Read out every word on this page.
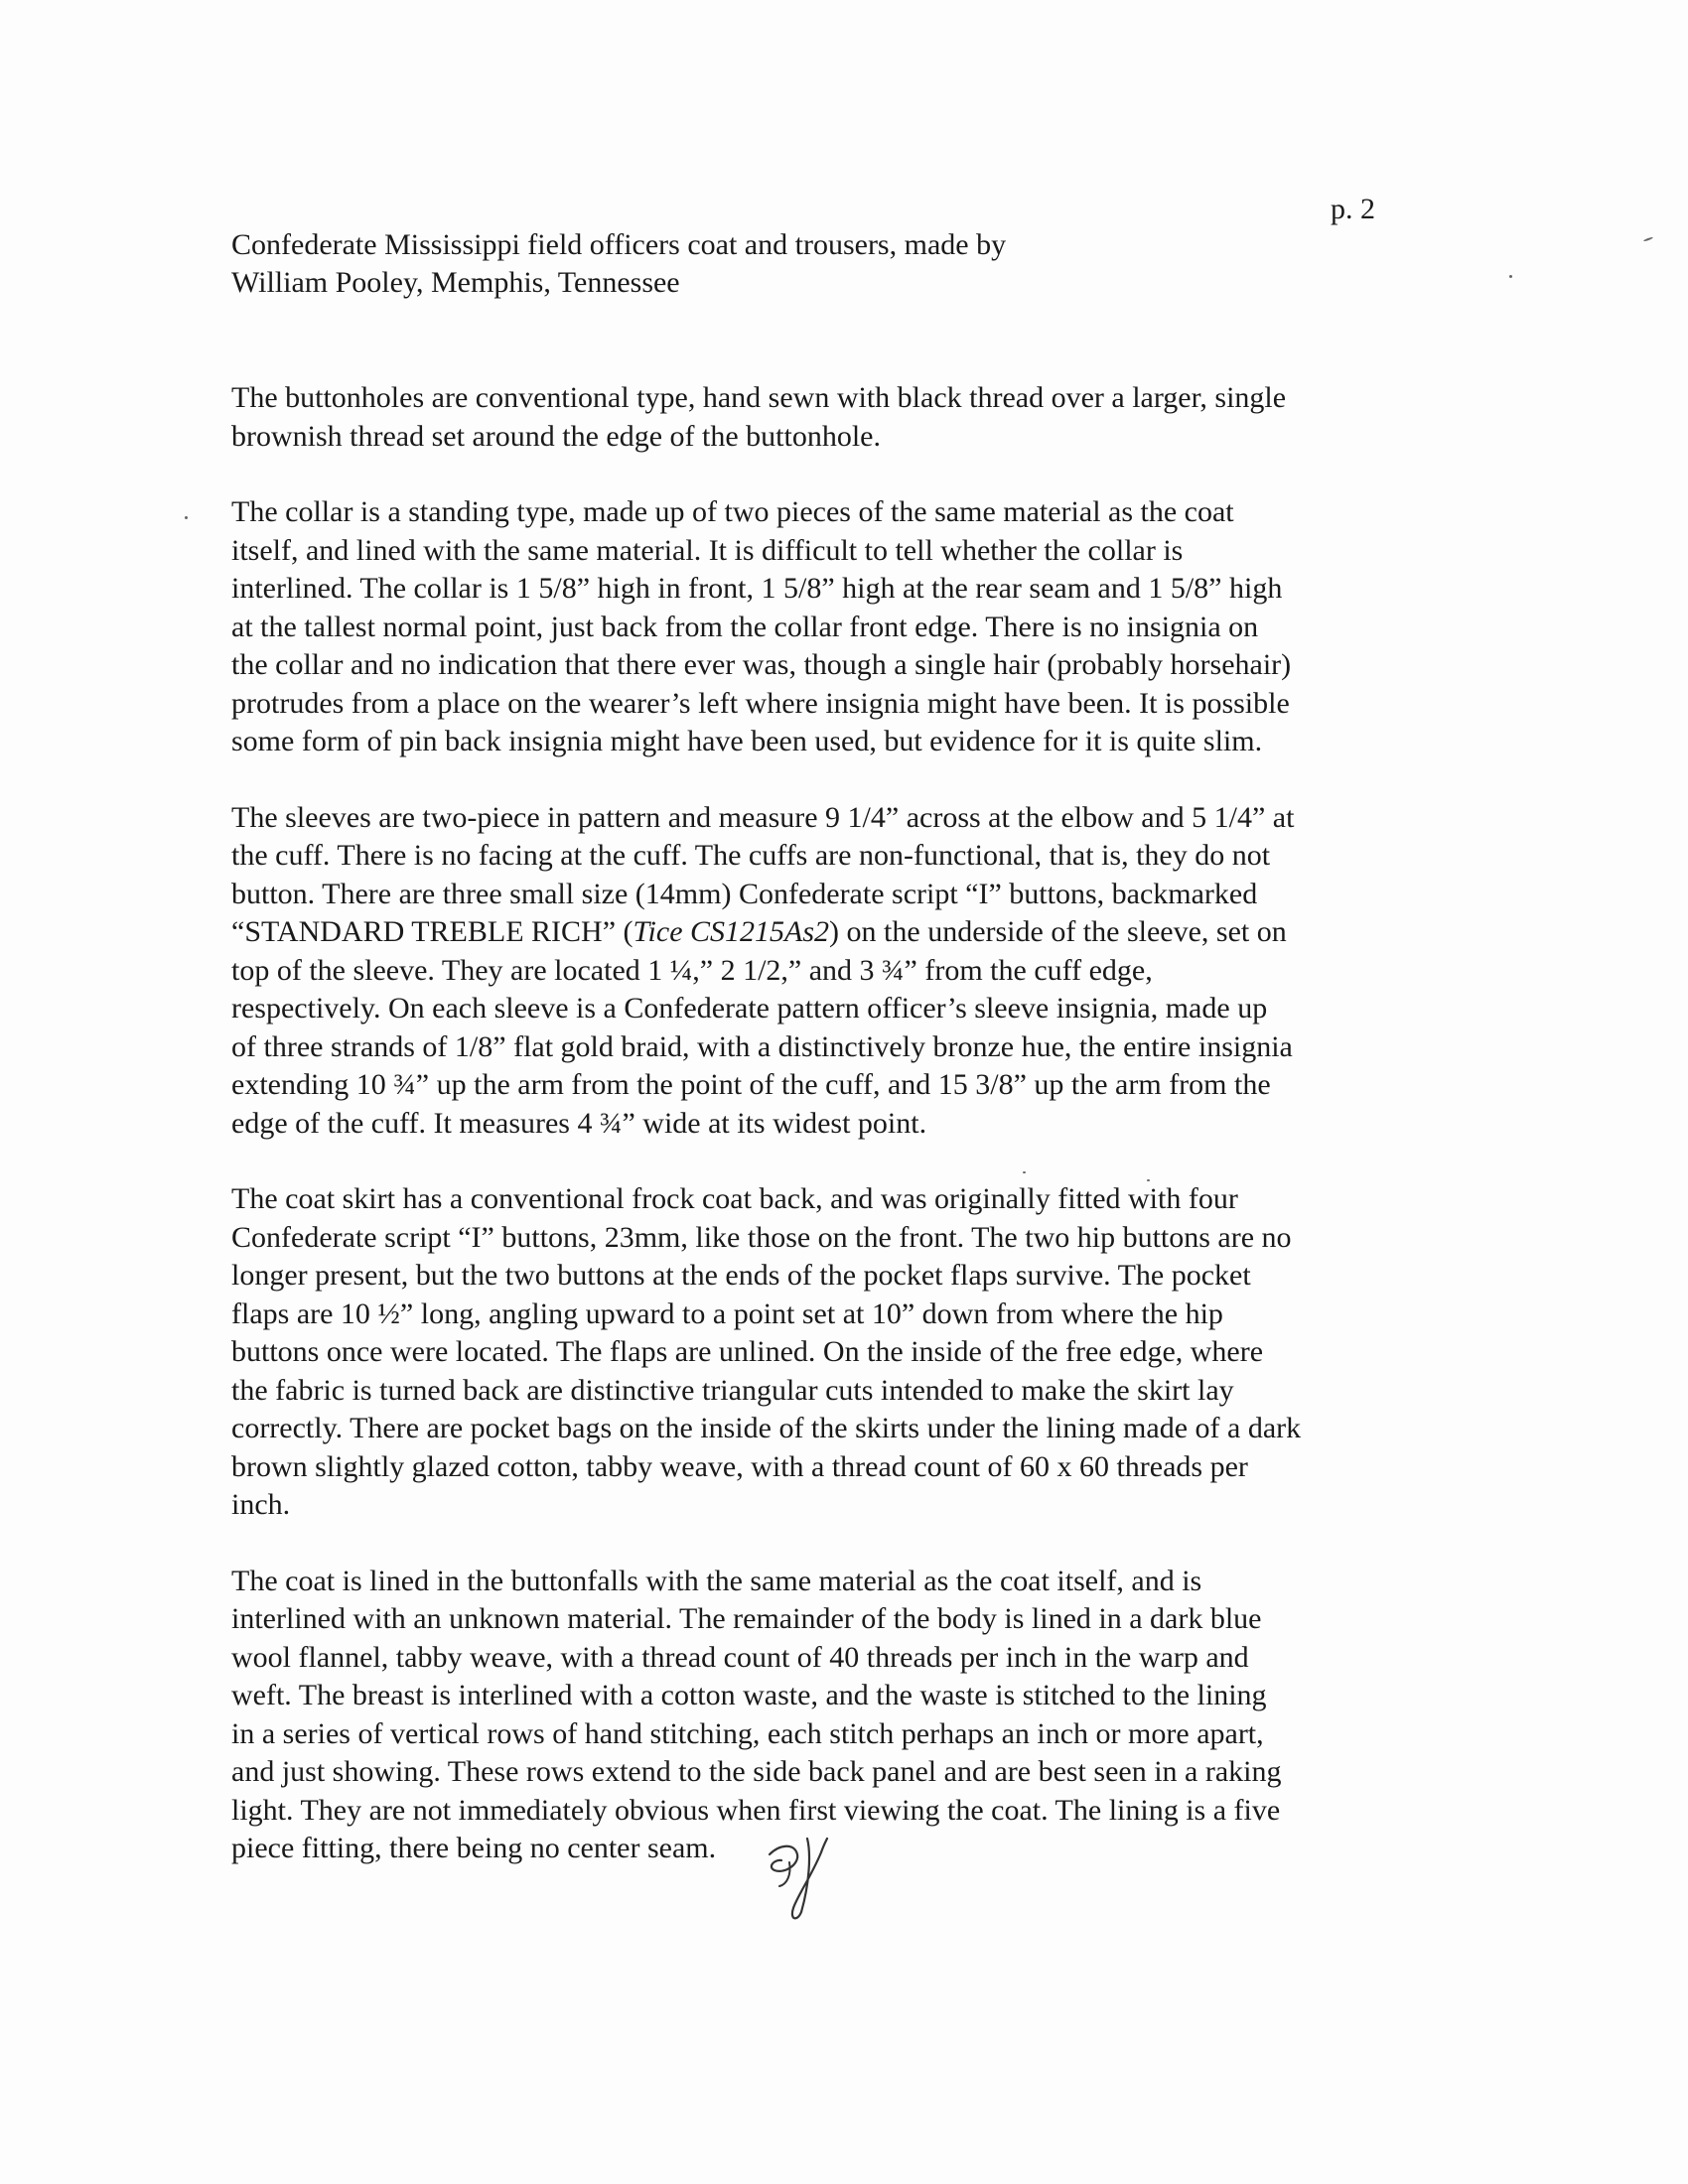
p. 2
Confederate Mississippi field officers coat and trousers, made by
William Pooley, Memphis, Tennessee
The buttonholes are conventional type, hand sewn with black thread over a larger, single
brownish thread set around the edge of the buttonhole.
The collar is a standing type, made up of two pieces of the same material as the coat
itself, and lined with the same material. It is difficult to tell whether the collar is
interlined. The collar is 1 5/8” high in front, 1 5/8” high at the rear seam and 1 5/8” high
at the tallest normal point, just back from the collar front edge. There is no insignia on
the collar and no indication that there ever was, though a single hair (probably horsehair)
protrudes from a place on the wearer’s left where insignia might have been. It is possible
some form of pin back insignia might have been used, but evidence for it is quite slim.
The sleeves are two-piece in pattern and measure 9 1/4” across at the elbow and 5 1/4” at
the cuff. There is no facing at the cuff. The cuffs are non-functional, that is, they do not
button. There are three small size (14mm) Confederate script “I” buttons, backmarked
“STANDARD TREBLE RICH” (Tice CS1215As2) on the underside of the sleeve, set on
top of the sleeve. They are located 1 ¼,” 2 1/2,” and 3 ¾” from the cuff edge,
respectively. On each sleeve is a Confederate pattern officer’s sleeve insignia, made up
of three strands of 1/8” flat gold braid, with a distinctively bronze hue, the entire insignia
extending 10 ¾” up the arm from the point of the cuff, and 15 3/8” up the arm from the
edge of the cuff. It measures 4 ¾” wide at its widest point.
The coat skirt has a conventional frock coat back, and was originally fitted with four
Confederate script “I” buttons, 23mm, like those on the front. The two hip buttons are no
longer present, but the two buttons at the ends of the pocket flaps survive. The pocket
flaps are 10 ½” long, angling upward to a point set at 10” down from where the hip
buttons once were located. The flaps are unlined. On the inside of the free edge, where
the fabric is turned back are distinctive triangular cuts intended to make the skirt lay
correctly. There are pocket bags on the inside of the skirts under the lining made of a dark
brown slightly glazed cotton, tabby weave, with a thread count of 60 x 60 threads per
inch.
The coat is lined in the buttonfalls with the same material as the coat itself, and is
interlined with an unknown material. The remainder of the body is lined in a dark blue
wool flannel, tabby weave, with a thread count of 40 threads per inch in the warp and
weft. The breast is interlined with a cotton waste, and the waste is stitched to the lining
in a series of vertical rows of hand stitching, each stitch perhaps an inch or more apart,
and just showing. These rows extend to the side back panel and are best seen in a raking
light. They are not immediately obvious when first viewing the coat. The lining is a five
piece fitting, there being no center seam.
